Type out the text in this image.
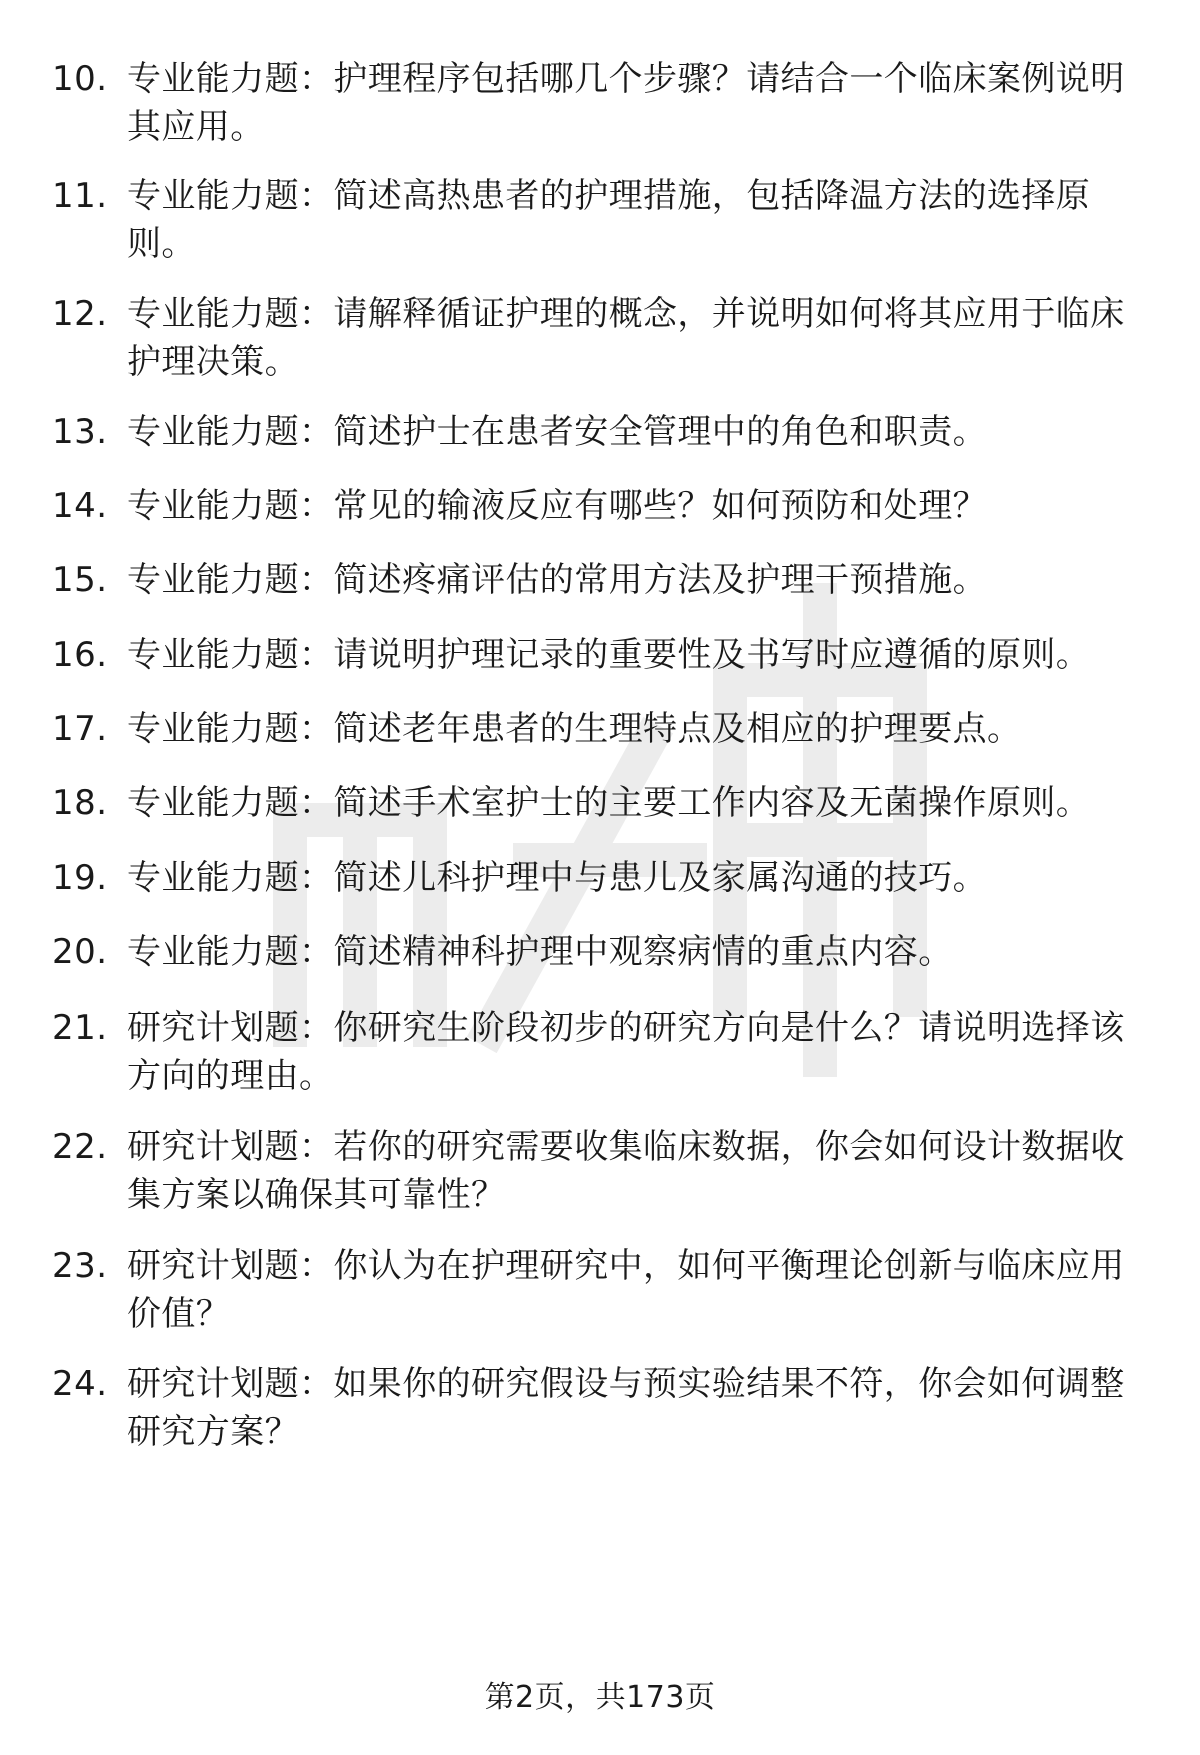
10. 专业能力题：护理程序包括哪几个步骤？请结合一个临床案例说明其应用。
11. 专业能力题：简述高热患者的护理措施，包括降温方法的选择原则。
12. 专业能力题：请解释循证护理的概念，并说明如何将其应用于临床护理决策。
13. 专业能力题：简述护士在患者安全管理中的角色和职责。
14. 专业能力题：常见的输液反应有哪些？如何预防和处理？
15. 专业能力题：简述疼痛评估的常用方法及护理干预措施。
16. 专业能力题：请说明护理记录的重要性及书写时应遵循的原则。
17. 专业能力题：简述老年患者的生理特点及相应的护理要点。
18. 专业能力题：简述手术室护士的主要工作内容及无菌操作原则。
19. 专业能力题：简述儿科护理中与患儿及家属沟通的技巧。
20. 专业能力题：简述精神科护理中观察病情的重点内容。
21. 研究计划题：你研究生阶段初步的研究方向是什么？请说明选择该方向的理由。
22. 研究计划题：若你的研究需要收集临床数据，你会如何设计数据收集方案以确保其可靠性？
23. 研究计划题：你认为在护理研究中，如何平衡理论创新与临床应用价值？
24. 研究计划题：如果你的研究假设与预实验结果不符，你会如何调整研究方案？
第2页，共173页
